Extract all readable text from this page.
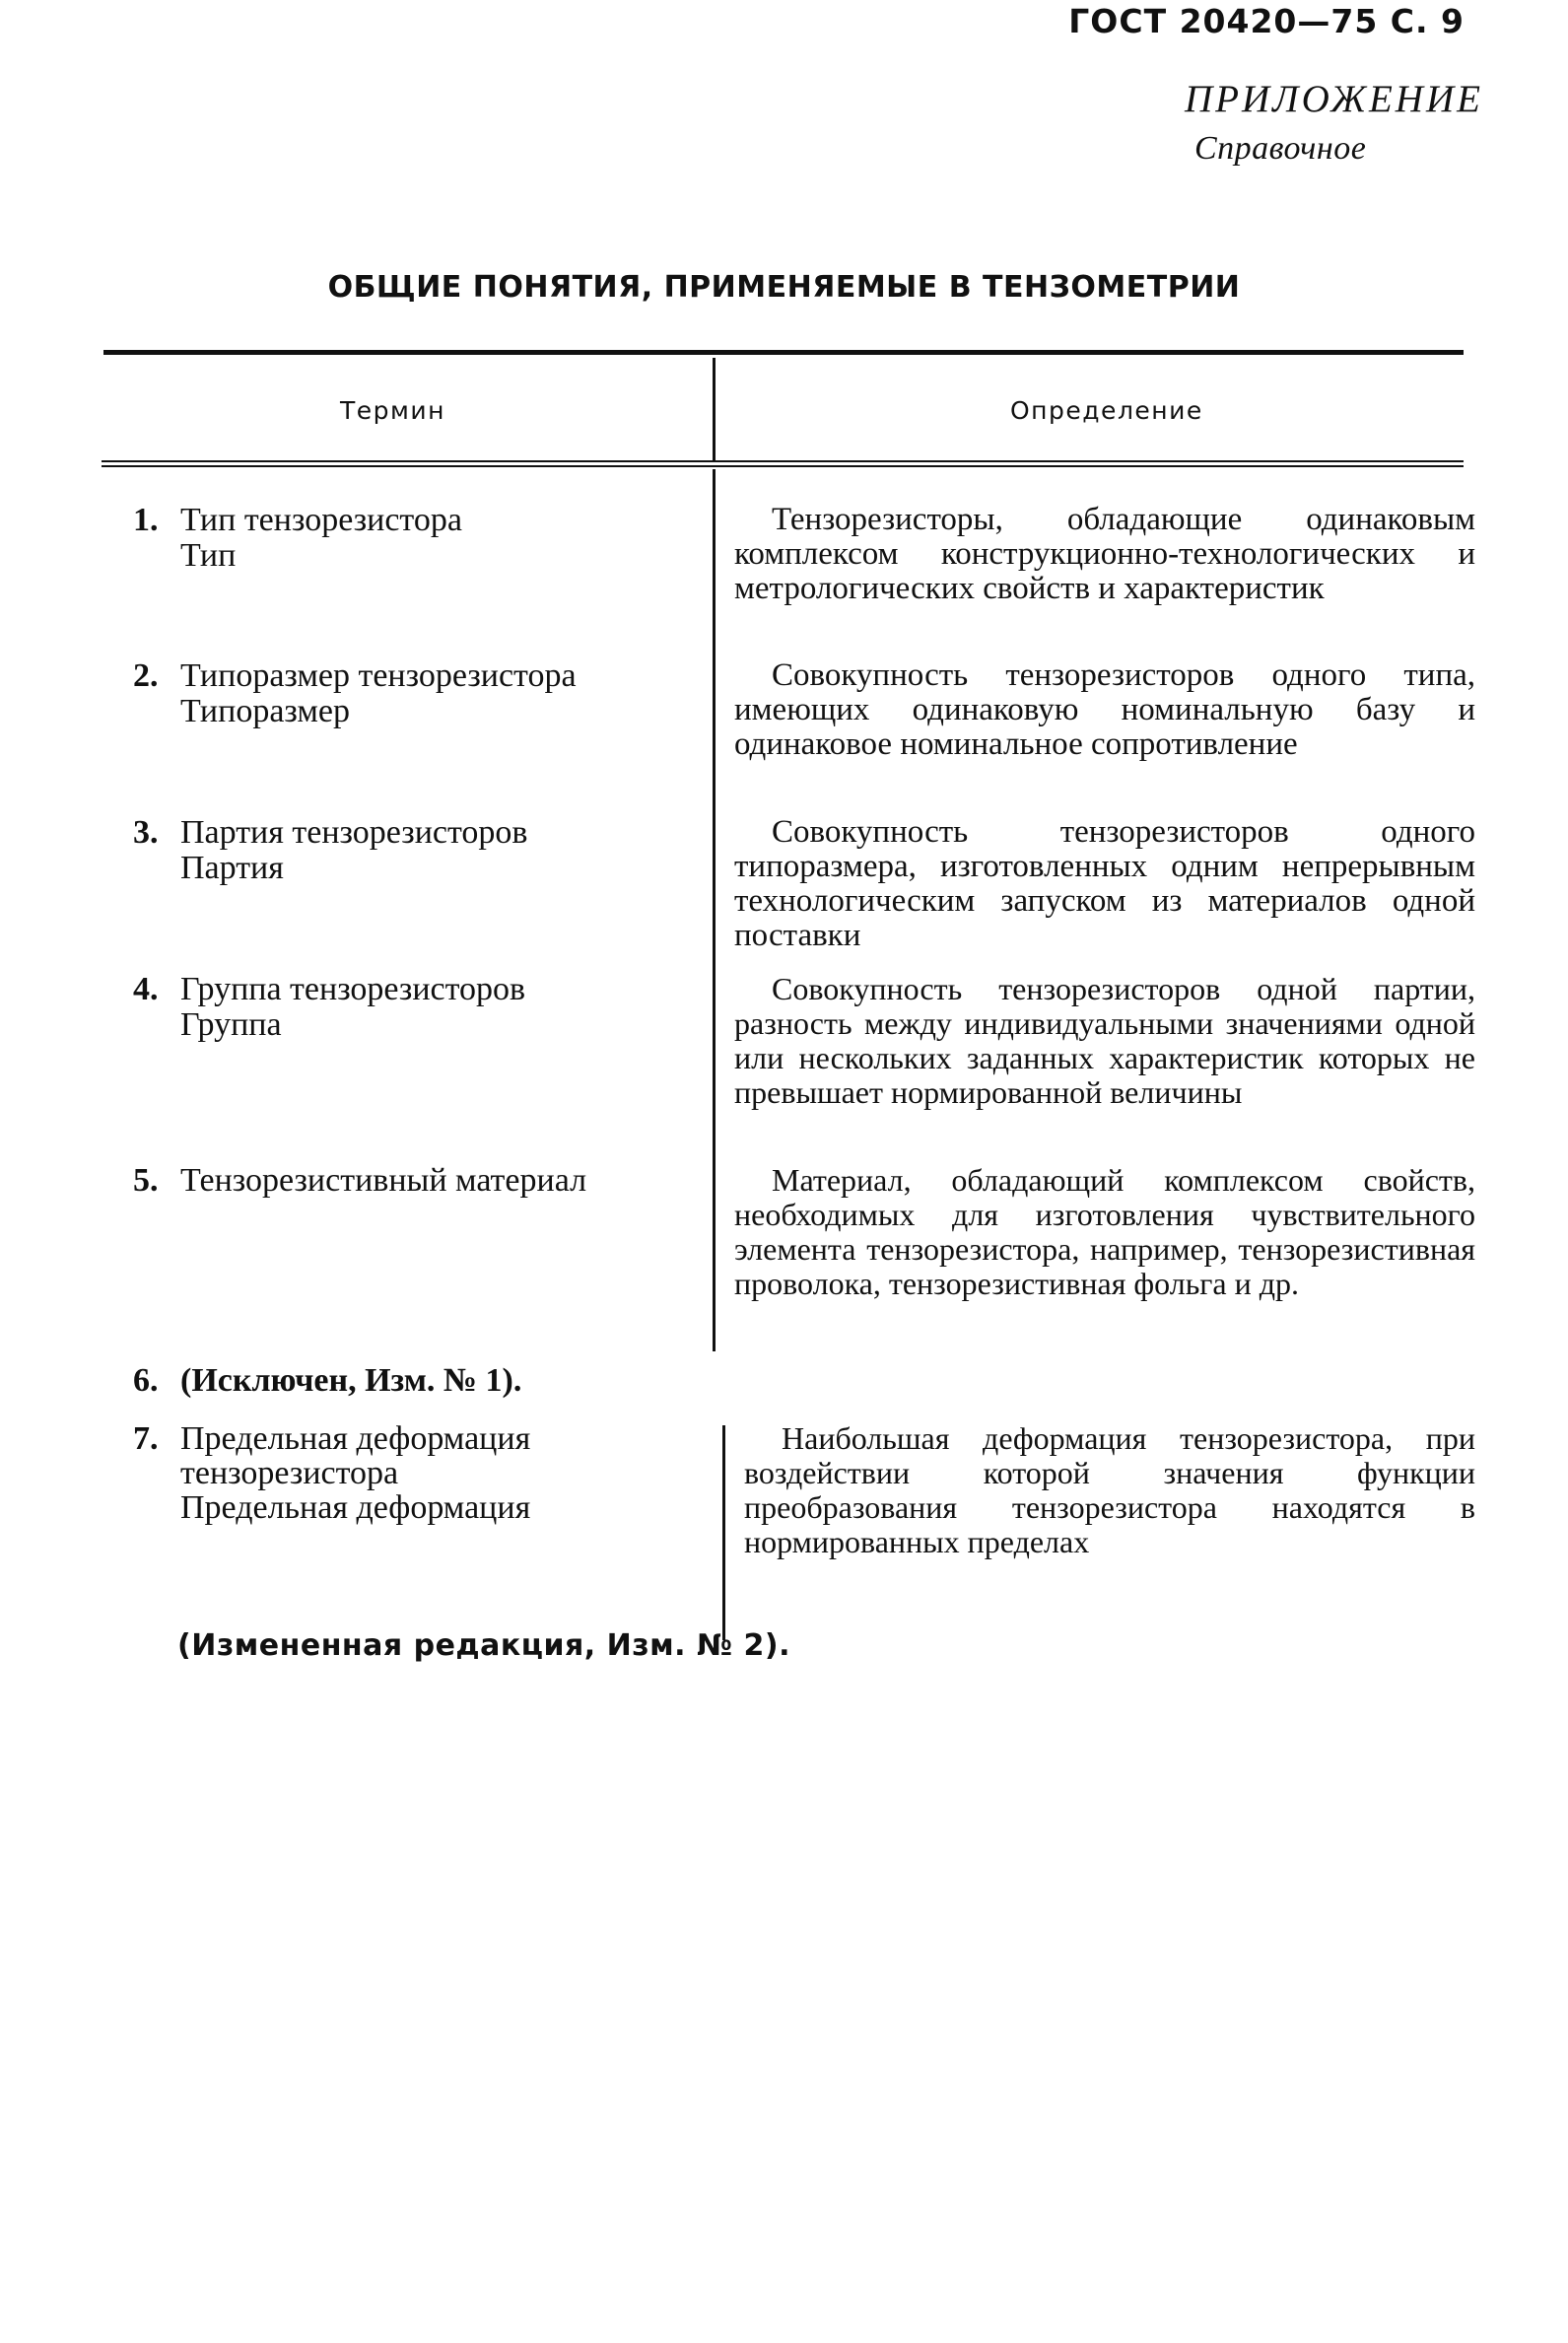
ГОСТ 20420—75 С. 9
ПРИЛОЖЕНИЕ
Справочное
ОБЩИЕ ПОНЯТИЯ, ПРИМЕНЯЕМЫЕ В ТЕНЗОМЕТРИИ
Термин	Определение
1. Тип тензорезистора
Тип

Тензорезисторы, обладающие одинаковым комплексом конструкционно-технологических и метрологических свойств и характеристик

2. Типоразмер тензорезистора
Типоразмер

Совокупность тензорезисторов одного типа, имеющих одинаковую номинальную базу и одинаковое номинальное сопротивление

3. Партия тензорезисторов
Партия

Совокупность тензорезисторов одного типоразмера, изготовленных одним непрерывным технологическим запуском из материалов одной поставки

4. Группа тензорезисторов
Группа

Совокупность тензорезисторов одной партии, разность между индивидуальными значениями одной или нескольких заданных характеристик которых не превышает нормированной величины

5. Тензорезистивный материал	Материал, обладающий комплексом свойств, необходимых для изготовления чувствительного элемента тензорезистора, например, тензорезистивная проволока, тензорезистивная фольга и др.

6. (Исключен, Изм. № 1).
7. Предельная деформация тензорезистора
Предельная деформация

Наибольшая деформация тензорезистора, при воздействии которой значения функции преобразования тензорезистора находятся в нормированных пределах

(Измененная редакция, Изм. № 2).
